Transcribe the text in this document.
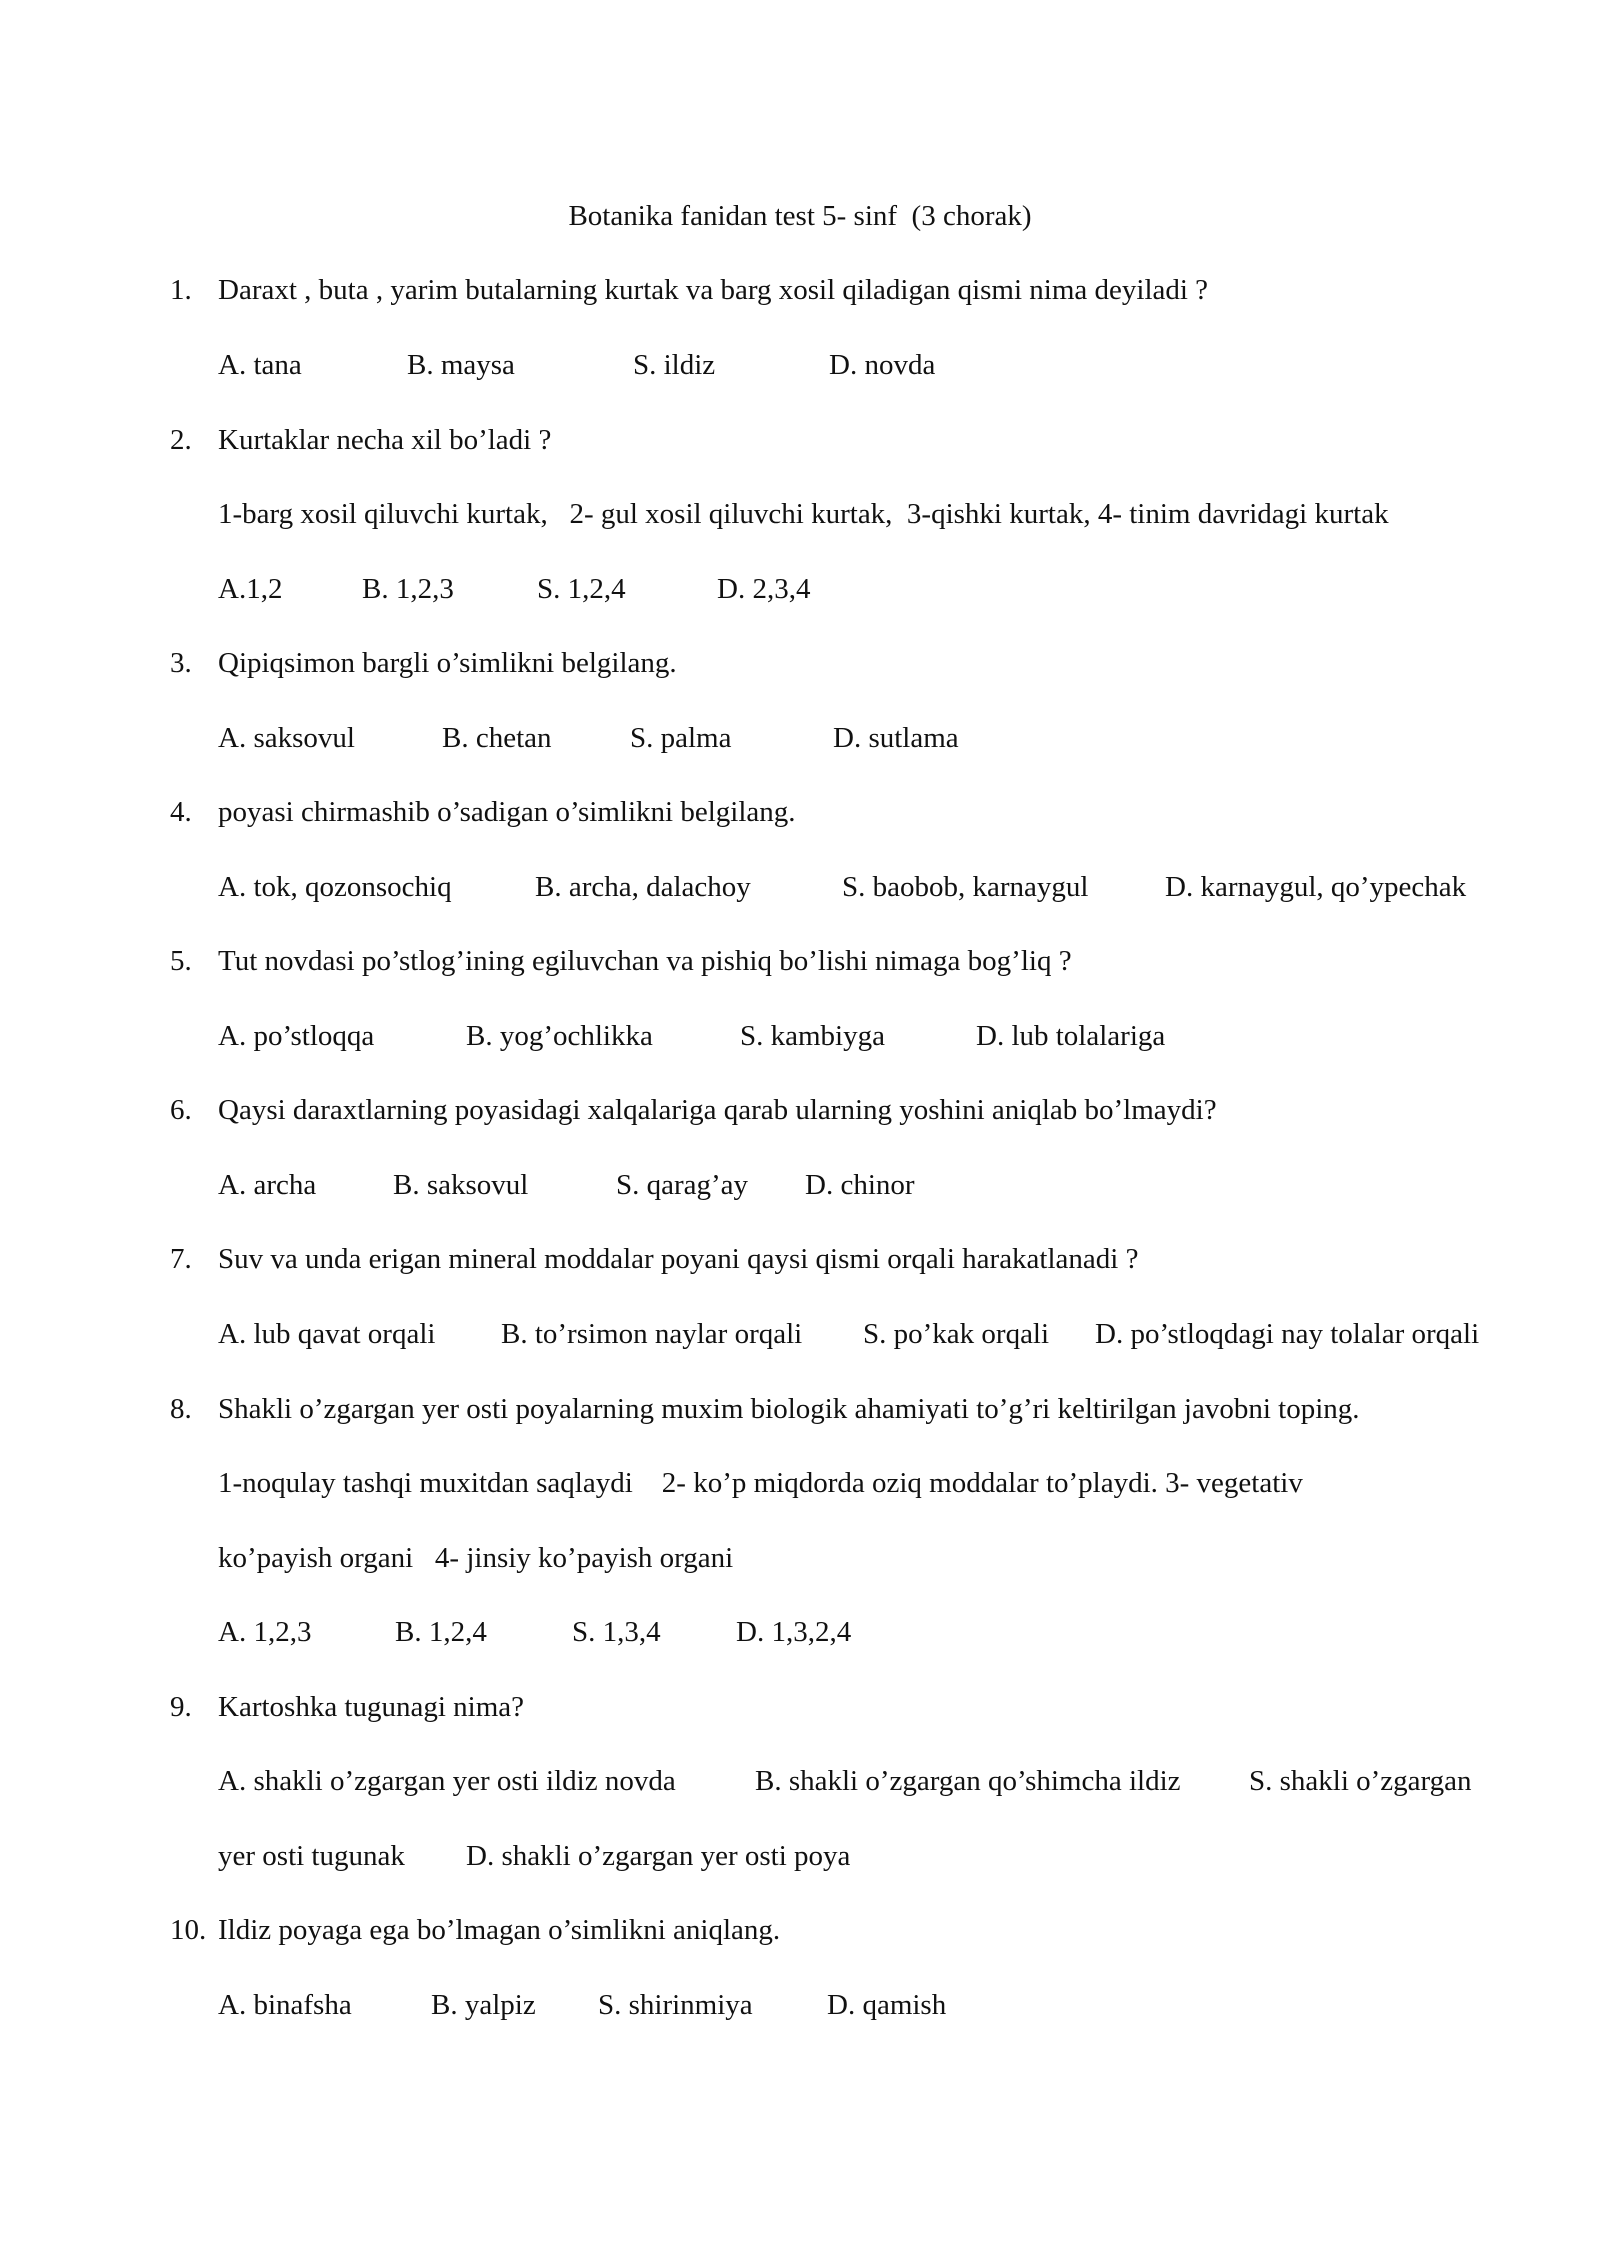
Botanika fanidan test 5- sinf  (3 chorak)
1. Daraxt , buta , yarim butalarning kurtak va barg xosil qiladigan qismi nima deyiladi ?
A. tana	B. maysa	S. ildiz	D. novda
2. Kurtaklar necha xil bo’ladi ?
1-barg xosil qiluvchi kurtak,   2- gul xosil qiluvchi kurtak,  3-qishki kurtak, 4- tinim davridagi kurtak
A.1,2	B. 1,2,3	S. 1,2,4	D. 2,3,4
3. Qipiqsimon bargli o’simlikni belgilang.
A. saksovul	B. chetan	S. palma	D. sutlama
4. poyasi chirmashib o’sadigan o’simlikni belgilang.
A. tok, qozonsochiq	B. archa, dalachoy	S. baobob, karnaygul	D. karnaygul, qo’ypechak
5. Tut novdasi po’stlog’ining egiluvchan va pishiq bo’lishi nimaga bog’liq ?
A. po’stloqqa	B. yog’ochlikka	S. kambiyga	D. lub tolalariga
6. Qaysi daraxtlarning poyasidagi xalqalariga qarab ularning yoshini aniqlab bo’lmaydi?
A. archa	B. saksovul	S. qarag’ay D. chinor
7. Suv va unda erigan mineral moddalar poyani qaysi qismi orqali harakatlanadi ?
A. lub qavat orqali B. to’rsimon naylar orqali S. po’kak orqali D. po’stloqdagi nay tolalar orqali
8. Shakli o’zgargan yer osti poyalarning muxim biologik ahamiyati to’g’ri keltirilgan javobni toping.
1-noqulay tashqi muxitdan saqlaydi    2- ko’p miqdorda oziq moddalar to’playdi. 3- vegetativ
ko’payish organi   4- jinsiy ko’payish organi
A. 1,2,3	B. 1,2,4	S. 1,3,4	D. 1,3,2,4
9. Kartoshka tugunagi nima?
A. shakli o’zgargan yer osti ildiz novda	B. shakli o’zgargan qo’shimcha ildiz S. shakli o’zgargan
yer osti tugunak D. shakli o’zgargan yer osti poya
10. Ildiz poyaga ega bo’lmagan o’simlikni aniqlang.
A. binafsha	B. yalpiz S. shirinmiya	D. qamish
